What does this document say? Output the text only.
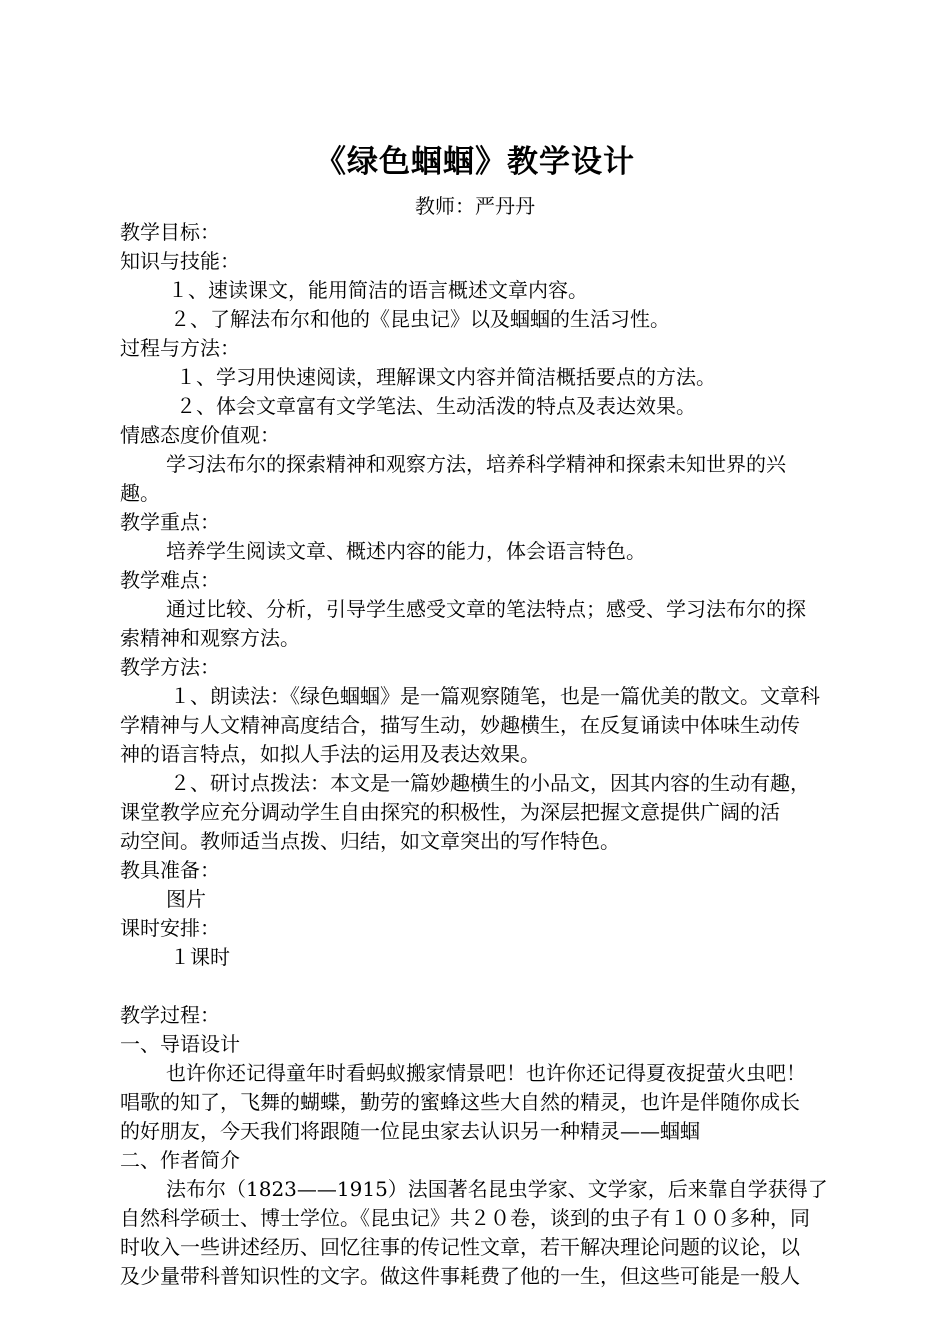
《绿色蝈蝈》教学设计
教师：严丹丹

教学目标：

知识与技能：

１、速读课文，能用简洁的语言概述文章内容。

２、了解法布尔和他的《昆虫记》以及蝈蝈的生活习性。

过程与方法：

１、学习用快速阅读，理解课文内容并简洁概括要点的方法。

２、体会文章富有文学笔法、生动活泼的特点及表达效果。

情感态度价值观：

学习法布尔的探索精神和观察方法，培养科学精神和探索未知世界的兴

趣。

教学重点：

培养学生阅读文章、概述内容的能力，体会语言特色。

教学难点：

通过比较、分析，引导学生感受文章的笔法特点；感受、学习法布尔的探

索精神和观察方法。

教学方法：

１、朗读法：《绿色蝈蝈》是一篇观察随笔，也是一篇优美的散文。文章科

学精神与人文精神高度结合，描写生动，妙趣横生，在反复诵读中体味生动传

神的语言特点，如拟人手法的运用及表达效果。

２、研讨点拨法：本文是一篇妙趣横生的小品文，因其内容的生动有趣，

课堂教学应充分调动学生自由探究的积极性，为深层把握文意提供广阔的活

动空间。教师适当点拨、归结，如文章突出的写作特色。

教具准备：

图片

课时安排：

１课时

教学过程：

一、导语设计

也许你还记得童年时看蚂蚁搬家情景吧！也许你还记得夏夜捉萤火虫吧！

唱歌的知了，飞舞的蝴蝶，勤劳的蜜蜂这些大自然的精灵，也许是伴随你成长

的好朋友，今天我们将跟随一位昆虫家去认识另一种精灵——蝈蝈

二、作者简介

法布尔（1823——1915）法国著名昆虫学家、文学家，后来靠自学获得了

自然科学硕士、博士学位。《昆虫记》共２０卷，谈到的虫子有１００多种，同

时收入一些讲述经历、回忆往事的传记性文章，若干解决理论问题的议论，以

及少量带科普知识性的文字。做这件事耗费了他的一生，但这些可能是一般人
